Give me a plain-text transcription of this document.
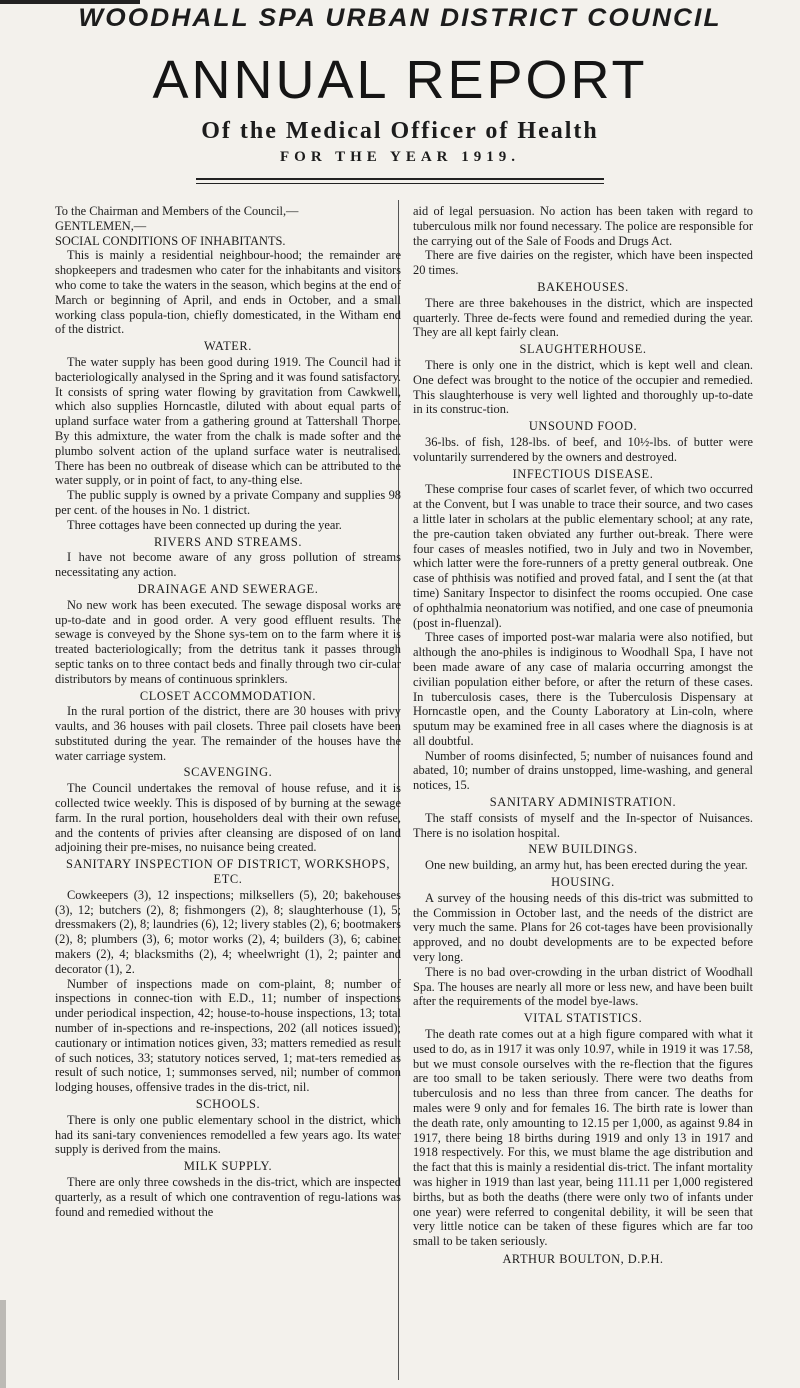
WOODHALL SPA URBAN DISTRICT COUNCIL
ANNUAL REPORT
Of the Medical Officer of Health
FOR THE YEAR 1919.

To the Chairman and Members of the Council,—

GENTLEMEN,—

SOCIAL CONDITIONS OF INHABITANTS.

This is mainly a residential neighbour-hood; the remainder are shopkeepers and tradesmen who cater for the inhabitants and visitors who come to take the waters in the season, which begins at the end of March or beginning of April, and ends in October, and a small working class popula-tion, chiefly domesticated, in the Witham end of the district.

WATER.

The water supply has been good during 1919. The Council had it bacteriologically analysed in the Spring and it was found satisfactory. It consists of spring water flowing by gravitation from Cawkwell, which also supplies Horncastle, diluted with about equal parts of upland surface water from a gathering ground at Tattershall Thorpe. By this admixture, the water from the chalk is made softer and the plumbo solvent action of the upland surface water is neutralised. There has been no outbreak of disease which can be attributed to the water supply, or in point of fact, to any-thing else.

The public supply is owned by a private Company and supplies 98 per cent. of the houses in No. 1 district.

Three cottages have been connected up during the year.

RIVERS AND STREAMS.

I have not become aware of any gross pollution of streams necessitating any action.

DRAINAGE AND SEWERAGE.

No new work has been executed. The sewage disposal works are up-to-date and in good order. A very good effluent results. The sewage is conveyed by the Shone sys-tem on to the farm where it is treated bacteriologically; from the detritus tank it passes through septic tanks on to three contact beds and finally through two cir-cular distributors by means of continuous sprinklers.

CLOSET ACCOMMODATION.

In the rural portion of the district, there are 30 houses with privy vaults, and 36 houses with pail closets. Three pail closets have been substituted during the year. The remainder of the houses have the water carriage system.

SCAVENGING.

The Council undertakes the removal of house refuse, and it is collected twice weekly. This is disposed of by burning at the sewage farm. In the rural portion, householders deal with their own refuse, and the contents of privies after cleansing are disposed of on land adjoining their pre-mises, no nuisance being created.

SANITARY INSPECTION OF DISTRICT, WORKSHOPS, ETC.

Cowkeepers (3), 12 inspections; milksellers (5), 20; bakehouses (3), 12; butchers (2), 8; fishmongers (2), 8; slaughterhouse (1), 5; dressmakers (2), 8; laundries (6), 12; livery stables (2), 6; bootmakers (2), 8; plumbers (3), 6; motor works (2), 4; builders (3), 6; cabinet makers (2), 4; blacksmiths (2), 4; wheelwright (1), 2; painter and decorator (1), 2.

Number of inspections made on com-plaint, 8; number of inspections in connec-tion with E.D., 11; number of inspections under periodical inspection, 42; house-to-house inspections, 13; total number of in-spections and re-inspections, 202 (all notices issued); cautionary or intimation notices given, 33; matters remedied as result of such notices, 33; statutory notices served, 1; mat-ters remedied as result of such notice, 1; summonses served, nil; number of common lodging houses, offensive trades in the dis-trict, nil.

SCHOOLS.

There is only one public elementary school in the district, which had its sani-tary conveniences remodelled a few years ago. Its water supply is derived from the mains.

MILK SUPPLY.

There are only three cowsheds in the dis-trict, which are inspected quarterly, as a result of which one contravention of regu-lations was found and remedied without the

aid of legal persuasion. No action has been taken with regard to tuberculous milk nor found necessary. The police are responsible for the carrying out of the Sale of Foods and Drugs Act.

There are five dairies on the register, which have been inspected 20 times.

BAKEHOUSES.

There are three bakehouses in the district, which are inspected quarterly. Three de-fects were found and remedied during the year. They are all kept fairly clean.

SLAUGHTERHOUSE.

There is only one in the district, which is kept well and clean. One defect was brought to the notice of the occupier and remedied. This slaughterhouse is very well lighted and thoroughly up-to-date in its construc-tion.

UNSOUND FOOD.

36-lbs. of fish, 128-lbs. of beef, and 10½-lbs. of butter were voluntarily surrendered by the owners and destroyed.

INFECTIOUS DISEASE.

These comprise four cases of scarlet fever, of which two occurred at the Convent, but I was unable to trace their source, and two cases a little later in scholars at the public elementary school; at any rate, the pre-caution taken obviated any further out-break. There were four cases of measles notified, two in July and two in November, which latter were the fore-runners of a pretty general outbreak. One case of phthisis was notified and proved fatal, and I sent the (at that time) Sanitary Inspector to disinfect the rooms occupied. One case of ophthalmia neonatorium was notified, and one case of pneumonia (post in-fluenzal).

Three cases of imported post-war malaria were also notified, but although the ano-philes is indiginous to Woodhall Spa, I have not been made aware of any case of malaria occurring amongst the civilian population either before, or after the return of these cases. In tuberculosis cases, there is the Tuberculosis Dispensary at Horncastle open, and the County Laboratory at Lin-coln, where sputum may be examined free in all cases where the diagnosis is at all doubtful.

Number of rooms disinfected, 5; number of nuisances found and abated, 10; number of drains unstopped, lime-washing, and general notices, 15.

SANITARY ADMINISTRATION.

The staff consists of myself and the In-spector of Nuisances. There is no isolation hospital.

NEW BUILDINGS.

One new building, an army hut, has been erected during the year.

HOUSING.

A survey of the housing needs of this dis-trict was submitted to the Commission in October last, and the needs of the district are very much the same. Plans for 26 cot-tages have been provisionally approved, and no doubt developments are to be expected before very long.

There is no bad over-crowding in the urban district of Woodhall Spa. The houses are nearly all more or less new, and have been built after the requirements of the model bye-laws.

VITAL STATISTICS.

The death rate comes out at a high figure compared with what it used to do, as in 1917 it was only 10.97, while in 1919 it was 17.58, but we must console ourselves with the re-flection that the figures are too small to be taken seriously. There were two deaths from tuberculosis and no less than three from cancer. The deaths for males were 9 only and for females 16. The birth rate is lower than the death rate, only amounting to 12.15 per 1,000, as against 9.84 in 1917, there being 18 births during 1919 and only 13 in 1917 and 1918 respectively. For this, we must blame the age distribution and the fact that this is mainly a residential dis-trict. The infant mortality was higher in 1919 than last year, being 111.11 per 1,000 registered births, but as both the deaths (there were only two of infants under one year) were referred to congenital debility, it will be seen that very little notice can be taken of these figures which are far too small to be taken seriously.

ARTHUR BOULTON, D.P.H.
